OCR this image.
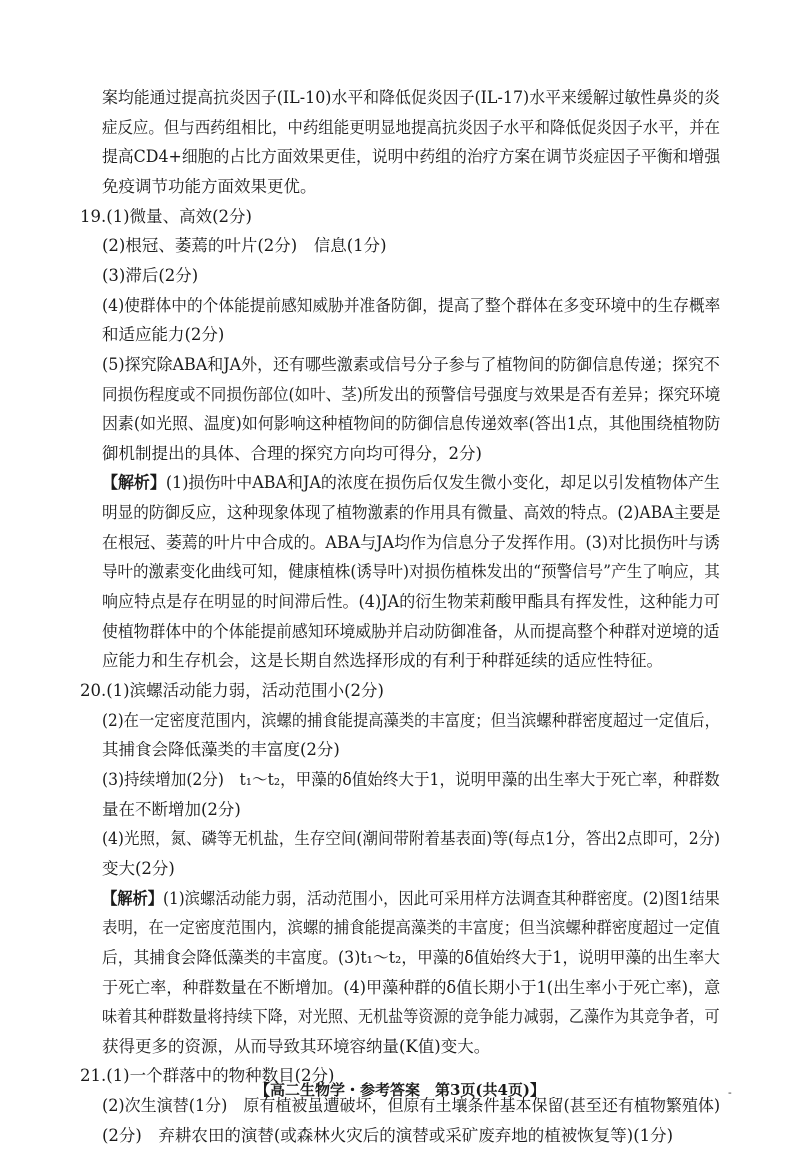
案均能通过提高抗炎因子(IL-10)水平和降低促炎因子(IL-17)水平来缓解过敏性鼻炎的炎
症反应。但与西药组相比，中药组能更明显地提高抗炎因子水平和降低促炎因子水平，并在
提高CD4+细胞的占比方面效果更佳，说明中药组的治疗方案在调节炎症因子平衡和增强
免疫调节功能方面效果更优。
19.(1)微量、高效(2分)
(2)根冠、萎蔫的叶片(2分)　信息(1分)
(3)滞后(2分)
(4)使群体中的个体能提前感知威胁并准备防御，提高了整个群体在多变环境中的生存概率
和适应能力(2分)
(5)探究除ABA和JA外，还有哪些激素或信号分子参与了植物间的防御信息传递；探究不
同损伤程度或不同损伤部位(如叶、茎)所发出的预警信号强度与效果是否有差异；探究环境
因素(如光照、温度)如何影响这种植物间的防御信息传递效率(答出1点，其他围绕植物防
御机制提出的具体、合理的探究方向均可得分，2分)
【解析】(1)损伤叶中ABA和JA的浓度在损伤后仅发生微小变化，却足以引发植物体产生
明显的防御反应，这种现象体现了植物激素的作用具有微量、高效的特点。(2)ABA主要是
在根冠、萎蔫的叶片中合成的。ABA与JA均作为信息分子发挥作用。(3)对比损伤叶与诱
导叶的激素变化曲线可知，健康植株(诱导叶)对损伤植株发出的“预警信号”产生了响应，其
响应特点是存在明显的时间滞后性。(4)JA的衍生物茉莉酸甲酯具有挥发性，这种能力可
使植物群体中的个体能提前感知环境威胁并启动防御准备，从而提高整个种群对逆境的适
应能力和生存机会，这是长期自然选择形成的有利于种群延续的适应性特征。
20.(1)滨螺活动能力弱，活动范围小(2分)
(2)在一定密度范围内，滨螺的捕食能提高藻类的丰富度；但当滨螺种群密度超过一定值后，
其捕食会降低藻类的丰富度(2分)
(3)持续增加(2分)　t₁～t₂，甲藻的δ值始终大于1，说明甲藻的出生率大于死亡率，种群数
量在不断增加(2分)
(4)光照，氮、磷等无机盐，生存空间(潮间带附着基表面)等(每点1分，答出2点即可，2分)
变大(2分)
【解析】(1)滨螺活动能力弱，活动范围小，因此可采用样方法调查其种群密度。(2)图1结果
表明，在一定密度范围内，滨螺的捕食能提高藻类的丰富度；但当滨螺种群密度超过一定值
后，其捕食会降低藻类的丰富度。(3)t₁～t₂，甲藻的δ值始终大于1，说明甲藻的出生率大
于死亡率，种群数量在不断增加。(4)甲藻种群的δ值长期小于1(出生率小于死亡率)，意
味着其种群数量将持续下降，对光照、无机盐等资源的竞争能力减弱，乙藻作为其竞争者，可
获得更多的资源，从而导致其环境容纳量(K值)变大。
21.(1)一个群落中的物种数目(2分)
(2)次生演替(1分)　原有植被虽遭破坏，但原有土壤条件基本保留(甚至还有植物繁殖体)
(2分)　弃耕农田的演替(或森林火灾后的演替或采矿废弃地的植被恢复等)(1分)
【高二生物学・参考答案　第3页(共4页)】	-
